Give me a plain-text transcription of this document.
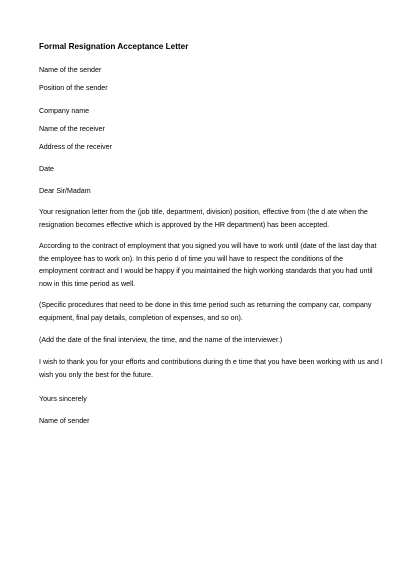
Formal Resignation Acceptance Letter
Name of the sender
Position of the sender
Company name
Name of the receiver
Address of the receiver
Date
Dear Sir/Madam
Your resignation letter from the (job title, department, division) position, effective from (the d ate when the
resignation becomes effective which is approved by the HR department) has been accepted.
According to the contract of employment that you signed you will have to work until (date of the last day that
the employee has to work on). In this perio d of time you will have to respect the conditions of the
employment contract and I would be happy if you maintained the high working standards that you had until
now in this time period as well.
(Specific procedures that need to be done in this time period such as returning the company car, company
equipment, final pay details, completion of expenses, and so on).
(Add the date of the final interview, the time, and the name of the interviewer.)
I wish to thank you for your efforts and contributions during th e time that you have been working with us and I
wish you only the best for the future.
Yours sincerely
Name of sender
